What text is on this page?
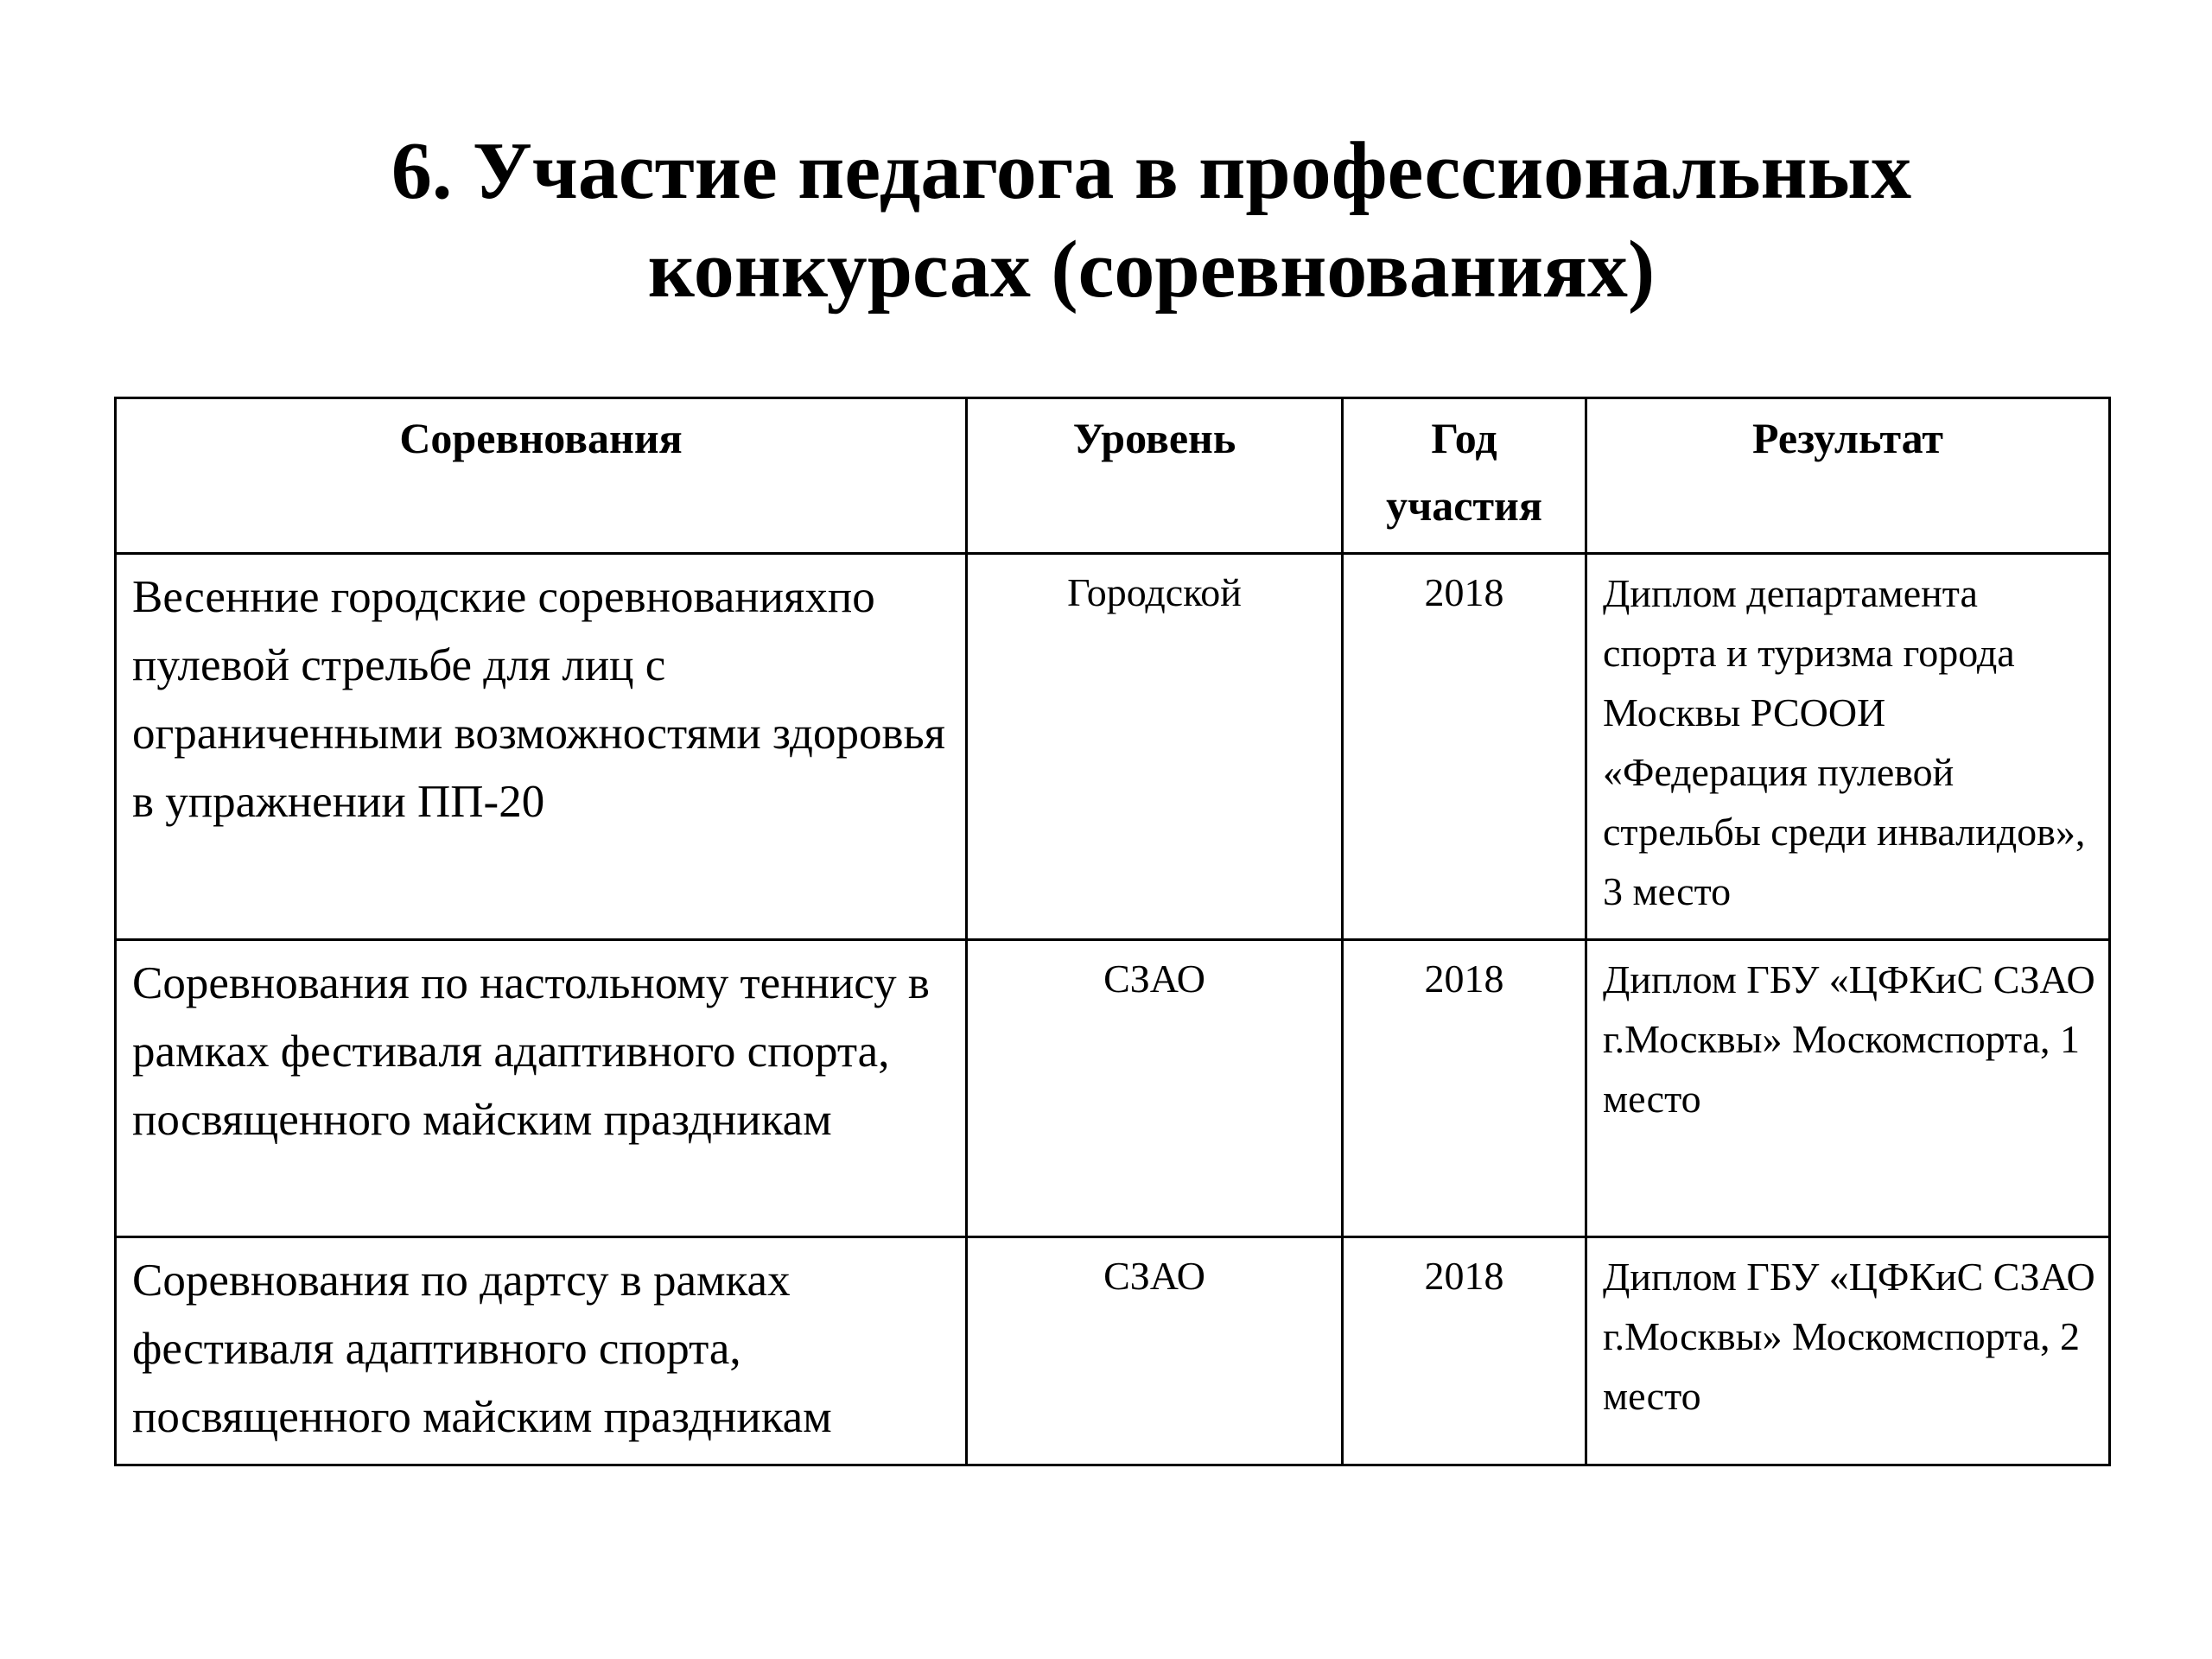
6. Участие педагога в профессиональных
конкурсах (соревнованиях)
Соревнования	Уровень	Год участия	Результат
Весенние городские соревнованияхпо пулевой стрельбе для лиц с ограниченными возможностями здоровья в упражнении ПП-20	Городской	2018	Диплом департамента спорта и туризма города Москвы РСООИ «Федерация пулевой стрельбы среди инвалидов», 3 место
Соревнования по настольному теннису в рамках фестиваля адаптивного спорта, посвященного майским праздникам	СЗАО	2018	Диплом ГБУ «ЦФКиС СЗАО г.Москвы» Москомспорта, 1 место
Соревнования по дартсу в рамках фестиваля адаптивного спорта, посвященного майским праздникам	СЗАО	2018	Диплом ГБУ «ЦФКиС СЗАО г.Москвы» Москомспорта, 2 место
